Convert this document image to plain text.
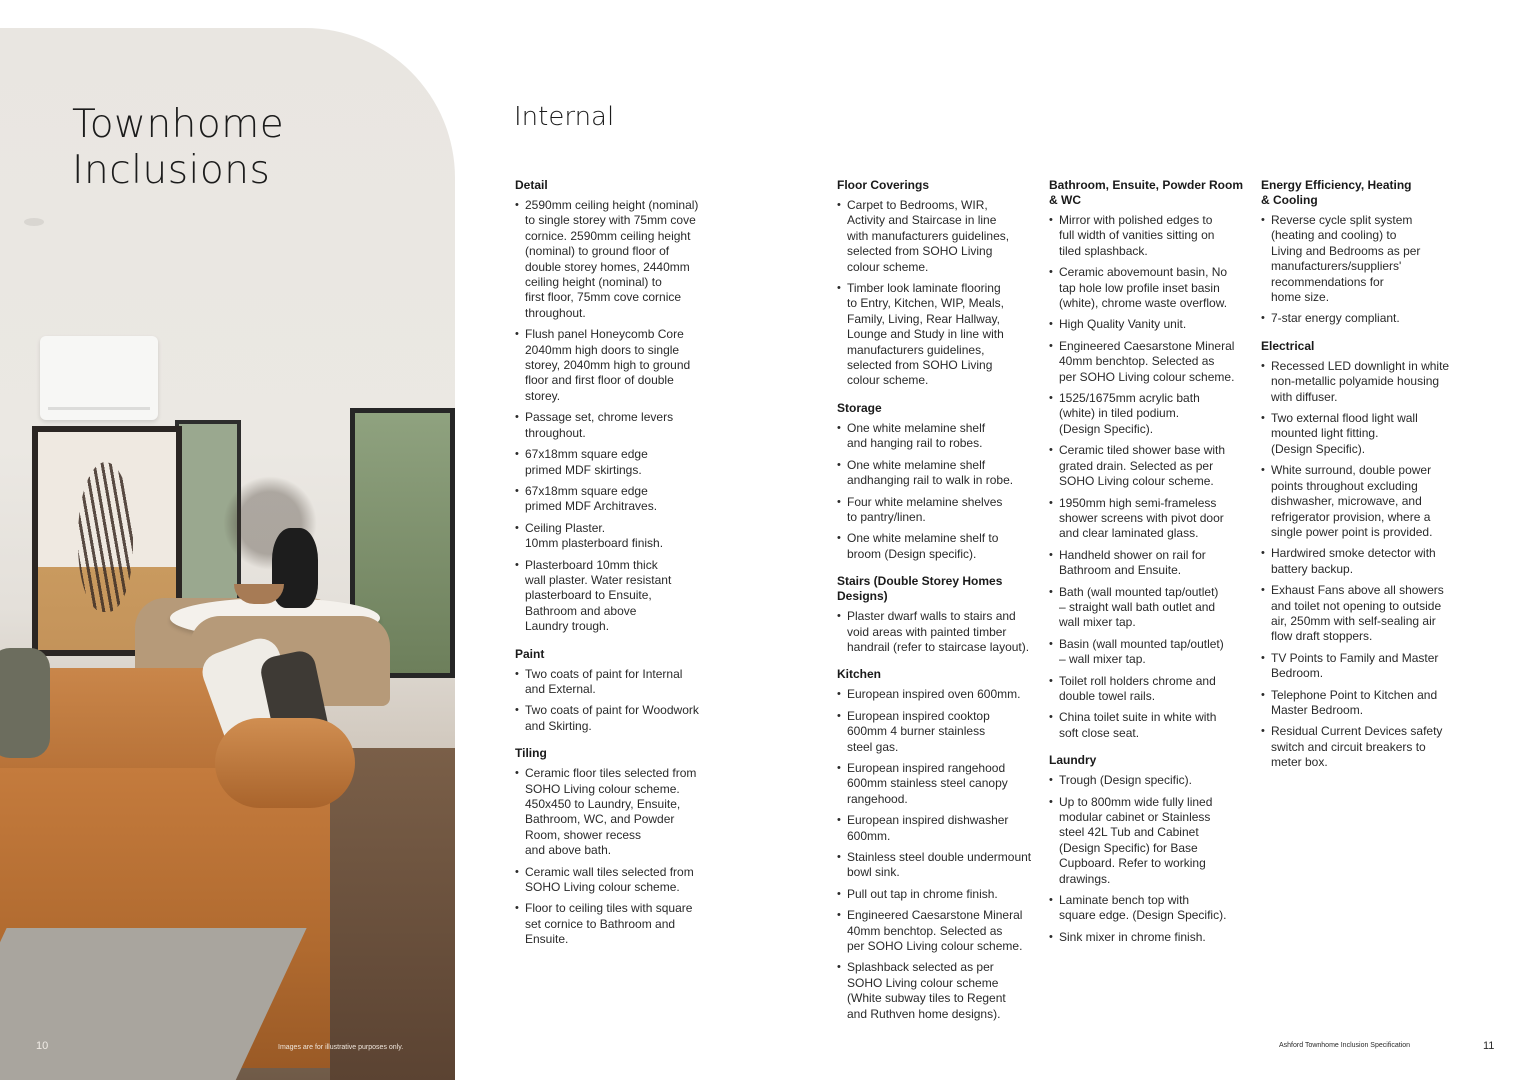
Townhome
Inclusions
10	Images are for illustrative purposes only.
Internal
Detail
• 2590mm ceiling height (nominal)
to single storey with 75mm cove
cornice. 2590mm ceiling height
(nominal) to ground floor of
double storey homes, 2440mm
ceiling height (nominal) to
first floor, 75mm cove cornice
throughout.
• Flush panel Honeycomb Core
2040mm high doors to single
storey, 2040mm high to ground
floor and first floor of double
storey.
• Passage set, chrome levers
throughout.
• 67x18mm square edge
primed MDF skirtings.
• 67x18mm square edge
primed MDF Architraves.
• Ceiling Plaster.
10mm plasterboard finish.
• Plasterboard 10mm thick
wall plaster. Water resistant
plasterboard to Ensuite,
Bathroom and above
Laundry trough.
Paint
• Two coats of paint for Internal
and External.
• Two coats of paint for Woodwork
and Skirting.
Tiling
• Ceramic floor tiles selected from
SOHO Living colour scheme.
450x450 to Laundry, Ensuite,
Bathroom, WC, and Powder
Room, shower recess
and above bath.
• Ceramic wall tiles selected from
SOHO Living colour scheme.
• Floor to ceiling tiles with square
set cornice to Bathroom and
Ensuite.
Floor Coverings
• Carpet to Bedrooms, WIR,
Activity and Staircase in line
with manufacturers guidelines,
selected from SOHO Living
colour scheme.
• Timber look laminate flooring
to Entry, Kitchen, WIP, Meals,
Family, Living, Rear Hallway,
Lounge and Study in line with
manufacturers guidelines,
selected from SOHO Living
colour scheme.
Storage
• One white melamine shelf
and hanging rail to robes.
• One white melamine shelf
andhanging rail to walk in robe.
• Four white melamine shelves
to pantry/linen.
• One white melamine shelf to
broom (Design specific).
Stairs (Double Storey Homes
Designs)
• Plaster dwarf walls to stairs and
void areas with painted timber
handrail (refer to staircase layout).
Kitchen
• European inspired oven 600mm.
• European inspired cooktop
600mm 4 burner stainless
steel gas.
• European inspired rangehood
600mm stainless steel canopy
rangehood.
• European inspired dishwasher
600mm.
• Stainless steel double undermount
bowl sink.
• Pull out tap in chrome finish.
• Engineered Caesarstone Mineral
40mm benchtop. Selected as
per SOHO Living colour scheme.
• Splashback selected as per
SOHO Living colour scheme
(White subway tiles to Regent
and Ruthven home designs).
Bathroom, Ensuite, Powder Room
& WC
• Mirror with polished edges to
full width of vanities sitting on
tiled splashback.
• Ceramic abovemount basin, No
tap hole low profile inset basin
(white), chrome waste overflow.
• High Quality Vanity unit.
• Engineered Caesarstone Mineral
40mm benchtop. Selected as
per SOHO Living colour scheme.
• 1525/1675mm acrylic bath
(white) in tiled podium.
(Design Specific).
• Ceramic tiled shower base with
grated drain. Selected as per
SOHO Living colour scheme.
• 1950mm high semi-frameless
shower screens with pivot door
and clear laminated glass.
• Handheld shower on rail for
Bathroom and Ensuite.
• Bath (wall mounted tap/outlet)
– straight wall bath outlet and
wall mixer tap.
• Basin (wall mounted tap/outlet)
– wall mixer tap.
• Toilet roll holders chrome and
double towel rails.
• China toilet suite in white with
soft close seat.
Laundry
• Trough (Design specific).
• Up to 800mm wide fully lined
modular cabinet or Stainless
steel 42L Tub and Cabinet
(Design Specific) for Base
Cupboard. Refer to working
drawings.
• Laminate bench top with
square edge. (Design Specific).
• Sink mixer in chrome finish.
Energy Efficiency, Heating
& Cooling
• Reverse cycle split system
(heating and cooling) to
Living and Bedrooms as per
manufacturers/suppliers'
recommendations for
home size.
• 7-star energy compliant.
Electrical
• Recessed LED downlight in white
non-metallic polyamide housing
with diffuser.
• Two external flood light wall
mounted light fitting.
(Design Specific).
• White surround, double power
points throughout excluding
dishwasher, microwave, and
refrigerator provision, where a
single power point is provided.
• Hardwired smoke detector with
battery backup.
• Exhaust Fans above all showers
and toilet not opening to outside
air, 250mm with self-sealing air
flow draft stoppers.
• TV Points to Family and Master
Bedroom.
• Telephone Point to Kitchen and
Master Bedroom.
• Residual Current Devices safety
switch and circuit breakers to
meter box.
Ashford Townhome Inclusion Specification	11
